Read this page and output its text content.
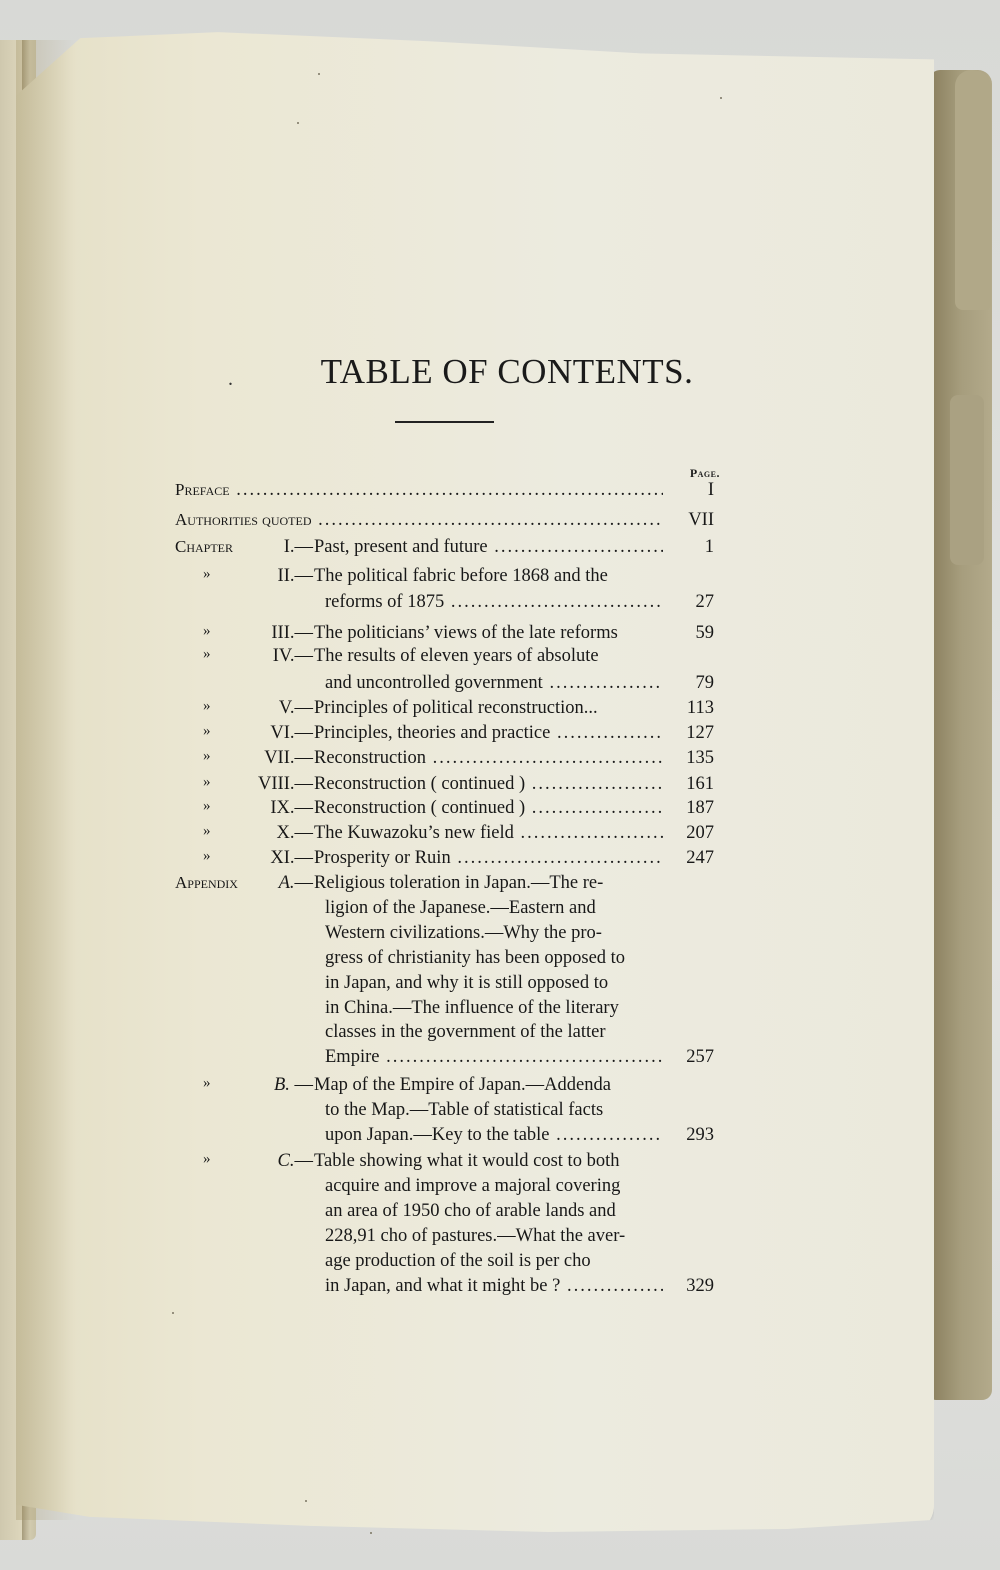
.	TABLE OF CONTENTS.
Page.
Preface .....	I
Authorities quoted .....	VII
Chapter	I.— Past, present and future .....	1
»	II.— The political fabric before 1868 and the
reforms of 1875 .....	27
»	III.— The politicians’ views of the late reforms	59
»	IV.— The results of eleven years of absolute
and uncontrolled government .....	79
»	V.— Principles of political reconstruction...	113
»	VI.— Principles, theories and practice .....	127
»	VII.— Reconstruction .....	135
»	VIII.— Reconstruction ( continued ) .....	161
»	IX.— Reconstruction ( continued ) .....	187
»	X.— The Kuwazoku’s new field .....	207
»	XI.— Prosperity or Ruin .....	247
Appendix A.— Religious toleration in Japan.—The re-
ligion of the Japanese.—Eastern and
Western civilizations.—Why the pro-
gress of christianity has been opposed to
in Japan, and why it is still opposed to
in China.—The influence of the literary
classes in the government of the latter
Empire .....	257
»	B. — Map of the Empire of Japan.—Addenda
to the Map.—Table of statistical facts
upon Japan.—Key to the table .....	293
»	C.— Table showing what it would cost to both
acquire and improve a majoral covering
an area of 1950 cho of arable lands and
228,91 cho of pastures.—What the aver-
age production of the soil is per cho
in Japan, and what it might be ? .....	329
